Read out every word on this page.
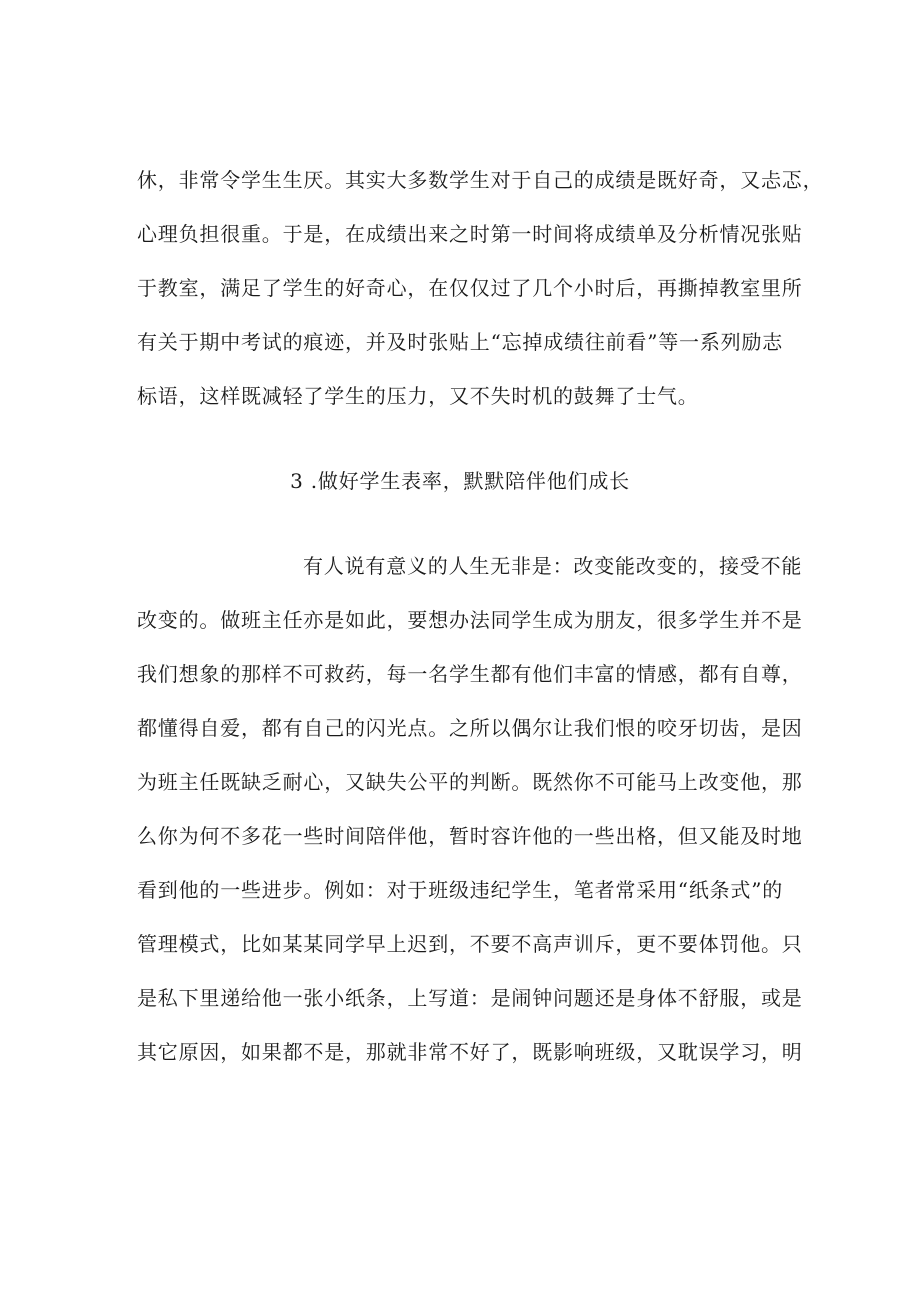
休，非常令学生生厌。其实大多数学生对于自己的成绩是既好奇，又忐忑，
心理负担很重。于是，在成绩出来之时第一时间将成绩单及分析情况张贴
于教室，满足了学生的好奇心，在仅仅过了几个小时后，再撕掉教室里所
有关于期中考试的痕迹，并及时张贴上“忘掉成绩往前看”等一系列励志
标语，这样既减轻了学生的压力，又不失时机的鼓舞了士气。
3 .做好学生表率，默默陪伴他们成长
有人说有意义的人生无非是：改变能改变的，接受不能
改变的。做班主任亦是如此，要想办法同学生成为朋友，很多学生并不是
我们想象的那样不可救药，每一名学生都有他们丰富的情感，都有自尊，
都懂得自爱，都有自己的闪光点。之所以偶尔让我们恨的咬牙切齿，是因
为班主任既缺乏耐心，又缺失公平的判断。既然你不可能马上改变他，那
么你为何不多花一些时间陪伴他，暂时容许他的一些出格，但又能及时地
看到他的一些进步。例如：对于班级违纪学生，笔者常采用“纸条式”的
管理模式，比如某某同学早上迟到，不要不高声训斥，更不要体罚他。只
是私下里递给他一张小纸条，上写道：是闹钟问题还是身体不舒服，或是
其它原因，如果都不是，那就非常不好了，既影响班级，又耽误学习，明
